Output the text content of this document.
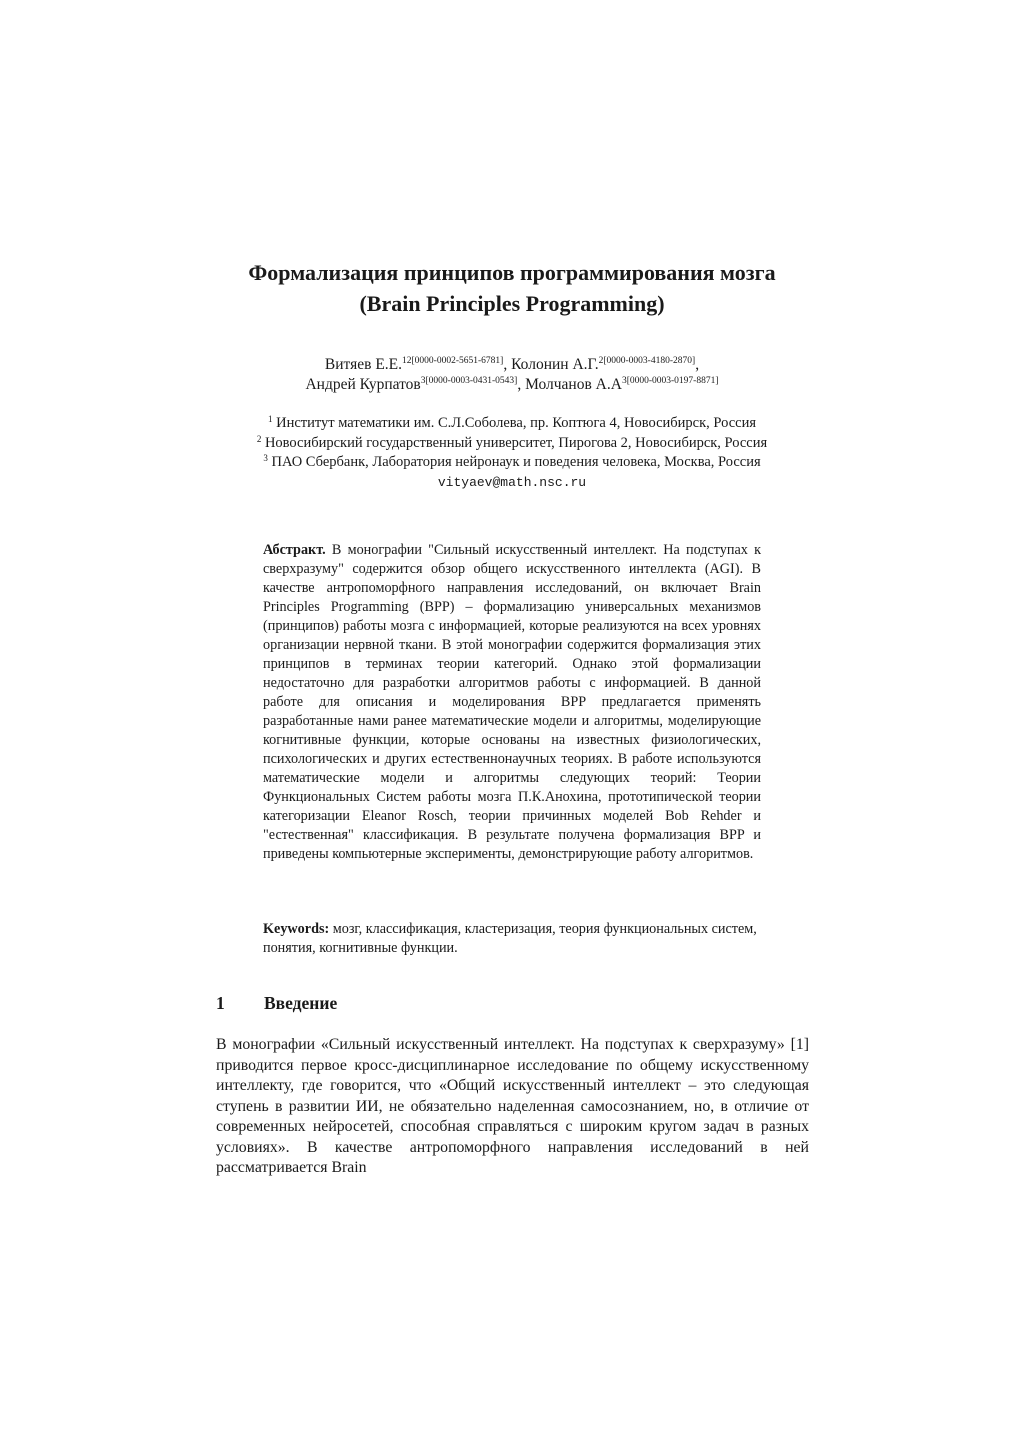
Формализация принципов программирования мозга
(Brain Principles Programming)
Витяев Е.Е.$^{12[0000-0002-5651-6781]}$, Колонин А.Г.$^{2[0000-0003-4180-2870]}$,
Андрей Курпатов$^{3[0000-0003-0431-0543]}$, Молчанов $А.А^{3[0000-0003-0197-8871]}$
$^1$ Институт математики им. С.Л.Соболева, пр. Коптюга 4, Новосибирск, Россия
$^2$ Новосибирский государственный университет, Пирогова 2, Новосибирск, Россия
$^3$ ПАО Сбербанк, Лаборатория нейронаук и поведения человека, Москва, Россия
vityaev@math.nsc.ru
Абстракт. В монографии "Сильный искусственный интеллект. На подступах к сверхразуму" содержится обзор общего искусственного интеллекта (AGI). В качестве антропоморфного направления исследований, он включает Brain Principles Programming (BPP) – формализацию универсальных механизмов (принципов) работы мозга с информацией, которые реализуются на всех уровнях организации нервной ткани. В этой монографии содержится формализация этих принципов в терминах теории категорий. Однако этой формализации недостаточно для разработки алгоритмов работы с информацией. В данной работе для описания и моделирования BPP предлагается применять разработанные нами ранее математические модели и алгоритмы, моделирующие когнитивные функции, которые основаны на известных физиологических, психологических и других естественнонаучных теориях. В работе используются математические модели и алгоритмы следующих теорий: Теории Функциональных Систем работы мозга П.К.Анохина, прототипической теории категоризации Eleanor Rosch, теории причинных моделей Bob Rehder и "естественная" классификация. В результате получена формализация BPP и приведены компьютерные эксперименты, демонстрирующие работу алгоритмов.
Keywords: мозг, классификация, кластеризация, теория функциональных систем, понятия, когнитивные функции.
1 Введение
В монографии «Сильный искусственный интеллект. На подступах к сверхразуму» [1] приводится первое кросс-дисциплинарное исследование по общему искусственному интеллекту, где говорится, что «Общий искусственный интеллект – это следующая ступень в развитии ИИ, не обязательно наделенная самосознанием, но, в отличие от современных нейросетей, способная справляться с широким кругом задач в разных условиях». В качестве антропоморфного направления исследований в ней рассматривается Brain
